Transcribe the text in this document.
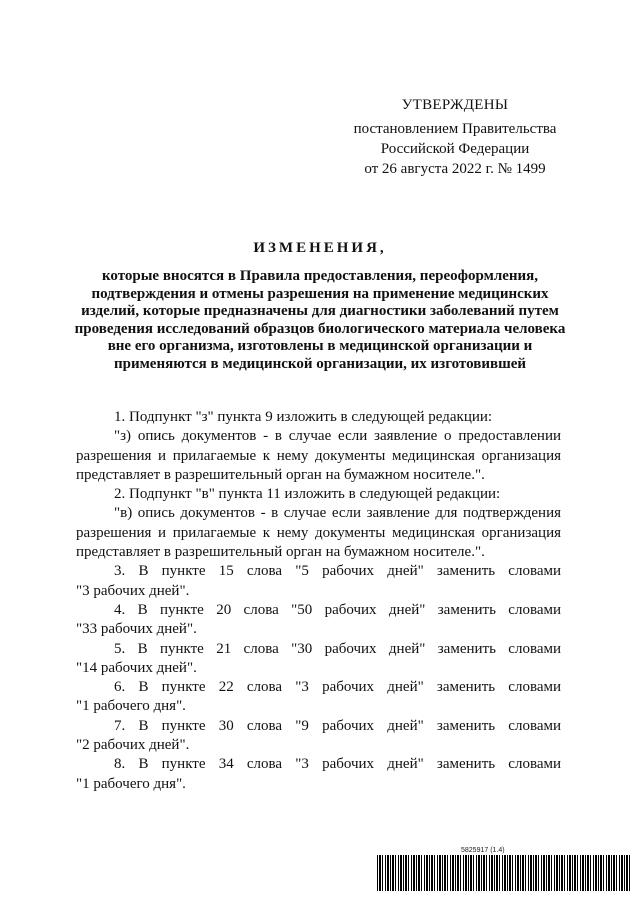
УТВЕРЖДЕНЫ
постановлением Правительства
Российской Федерации
от 26 августа 2022 г. № 1499
ИЗМЕНЕНИЯ,
которые вносятся в Правила предоставления, переоформления, подтверждения и отмены разрешения на применение медицинских изделий, которые предназначены для диагностики заболеваний путем проведения исследований образцов биологического материала человека вне его организма, изготовлены в медицинской организации и применяются в медицинской организации, их изготовившей

1. Подпункт "з" пункта 9 изложить в следующей редакции:

"з) опись документов - в случае если заявление о предоставлении разрешения и прилагаемые к нему документы медицинская организация представляет в разрешительный орган на бумажном носителе.".

2. Подпункт "в" пункта 11 изложить в следующей редакции:

"в) опись документов - в случае если заявление для подтверждения разрешения и прилагаемые к нему документы медицинская организация представляет в разрешительный орган на бумажном носителе.".

3. В пункте 15 слова "5 рабочих дней" заменить словами

"3 рабочих дней".

4. В пункте 20 слова "50 рабочих дней" заменить словами

"33 рабочих дней".

5. В пункте 21 слова "30 рабочих дней" заменить словами

"14 рабочих дней".

6. В пункте 22 слова "3 рабочих дней" заменить словами

"1 рабочего дня".

7. В пункте 30 слова "9 рабочих дней" заменить словами

"2 рабочих дней".

8. В пункте 34 слова "3 рабочих дней" заменить словами

"1 рабочего дня".

5825917 (1.4)
